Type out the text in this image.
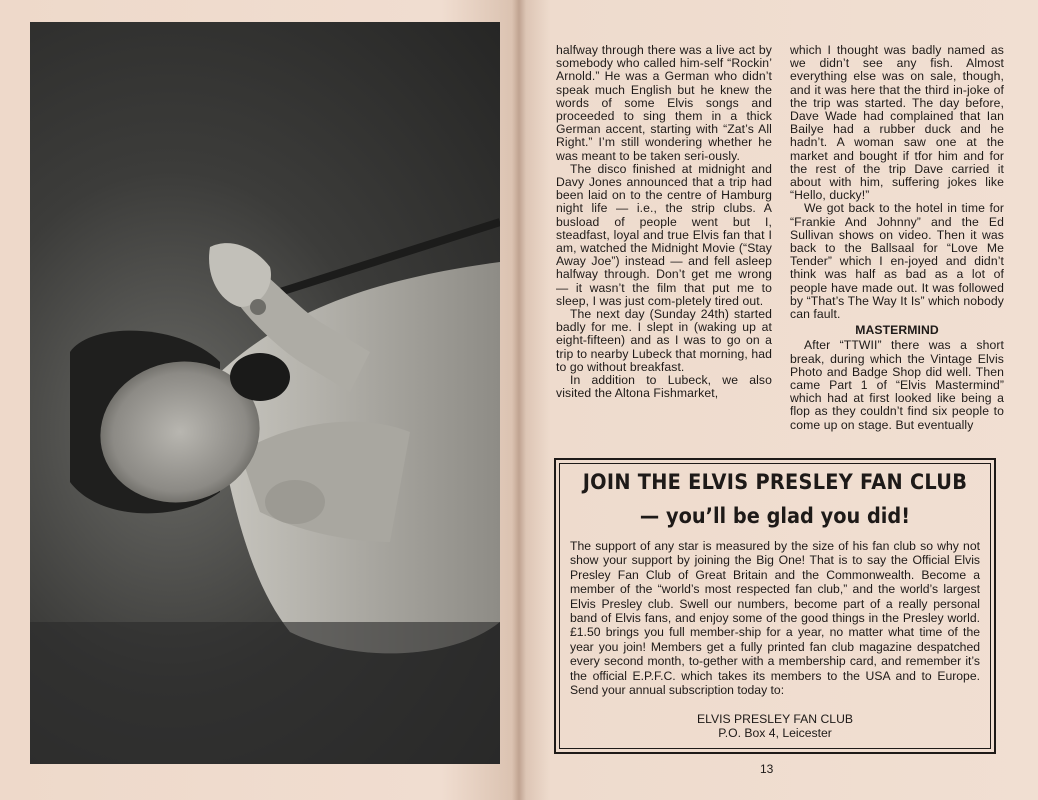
halfway through there was a live act by somebody who called him-self “Rockin’ Arnold.” He was a German who didn’t speak much English but he knew the words of some Elvis songs and proceeded to sing them in a thick German accent, starting with “Zat’s All Right.” I’m still wondering whether he was meant to be taken seri-ously.

The disco finished at midnight and Davy Jones announced that a trip had been laid on to the centre of Hamburg night life — i.e., the strip clubs. A busload of people went but I, steadfast, loyal and true Elvis fan that I am, watched the Midnight Movie (“Stay Away Joe”) instead — and fell asleep halfway through. Don’t get me wrong — it wasn’t the film that put me to sleep, I was just com-pletely tired out.

The next day (Sunday 24th) started badly for me. I slept in (waking up at eight-fifteen) and as I was to go on a trip to nearby Lubeck that morning, had to go without breakfast.

In addition to Lubeck, we also visited the Altona Fishmarket,

which I thought was badly named as we didn’t see any fish. Almost everything else was on sale, though, and it was here that the third in-joke of the trip was started. The day before, Dave Wade had complained that Ian Bailye had a rubber duck and he hadn’t. A woman saw one at the market and bought if tfor him and for the rest of the trip Dave carried it about with him, suffering jokes like “Hello, ducky!”

We got back to the hotel in time for “Frankie And Johnny” and the Ed Sullivan shows on video. Then it was back to the Ballsaal for “Love Me Tender” which I en-joyed and didn’t think was half as bad as a lot of people have made out. It was followed by “That’s The Way It Is” which nobody can fault.

MASTERMIND

After “TTWII” there was a short break, during which the Vintage Elvis Photo and Badge Shop did well. Then came Part 1 of “Elvis Mastermind” which had at first looked like being a flop as they couldn’t find six people to come up on stage. But eventually

JOIN THE ELVIS PRESLEY FAN CLUB
— you’ll be glad you did!
The support of any star is measured by the size of his fan club so why not show your support by joining the Big One! That is to say the Official Elvis Presley Fan Club of Great Britain and the Commonwealth. Become a member of the “world’s most respected fan club,” and the world’s largest Elvis Presley club. Swell our numbers, become part of a really personal band of Elvis fans, and enjoy some of the good things in the Presley world. £1.50 brings you full member-ship for a year, no matter what time of the year you join! Members get a fully printed fan club magazine despatched every second month, to-gether with a membership card, and remember it’s the official E.P.F.C. which takes its members to the USA and to Europe. Send your annual subscription today to:
ELVIS PRESLEY FAN CLUB
P.O. Box 4, Leicester
13
